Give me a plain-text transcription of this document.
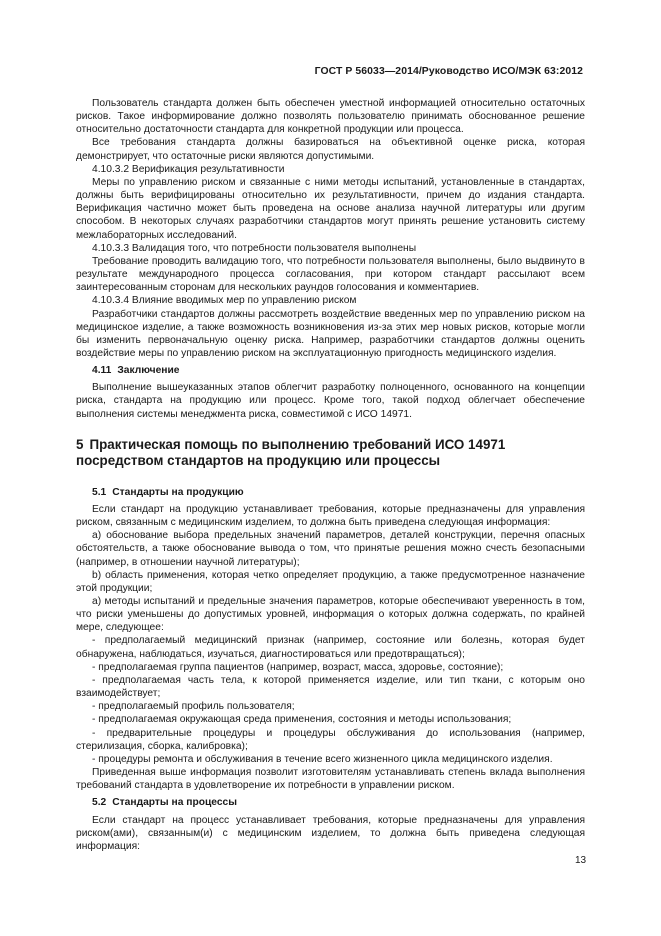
ГОСТ Р 56033—2014/Руководство ИСО/МЭК 63:2012

Пользователь стандарта должен быть обеспечен уместной информацией относительно остаточных рисков. Такое информирование должно позволять пользователю принимать обоснованное решение относительно достаточности стандарта для конкретной продукции или процесса.

Все требования стандарта должны базироваться на объективной оценке риска, которая демонстрирует, что остаточные риски являются допустимыми.

4.10.3.2 Верификация результативности

Меры по управлению риском и связанные с ними методы испытаний, установленные в стандартах, должны быть верифицированы относительно их результативности, причем до издания стандарта. Верификация частично может быть проведена на основе анализа научной литературы или другим способом. В некоторых случаях разработчики стандартов могут принять решение установить систему межлабораторных исследований.

4.10.3.3 Валидация того, что потребности пользователя выполнены

Требование проводить валидацию того, что потребности пользователя выполнены, было выдвинуто в результате международного процесса согласования, при котором стандарт рассылают всем заинтересованным сторонам для нескольких раундов голосования и комментариев.

4.10.3.4 Влияние вводимых мер по управлению риском

Разработчики стандартов должны рассмотреть воздействие введенных мер по управлению риском на медицинское изделие, а также возможность возникновения из-за этих мер новых рисков, которые могли бы изменить первоначальную оценку риска. Например, разработчики стандартов должны оценить воздействие меры по управлению риском на эксплуатационную пригодность медицинского изделия.

4.11 Заключение

Выполнение вышеуказанных этапов облегчит разработку полноценного, основанного на концепции риска, стандарта на продукцию или процесс. Кроме того, такой подход облегчает обеспечение выполнения системы менеджмента риска, совместимой с ИСО 14971.

5 Практическая помощь по выполнению требований ИСО 14971 посредством стандартов на продукцию или процессы
5.1 Стандарты на продукцию

Если стандарт на продукцию устанавливает требования, которые предназначены для управления риском, связанным с медицинским изделием, то должна быть приведена следующая информация:

а) обоснование выбора предельных значений параметров, деталей конструкции, перечня опасных обстоятельств, а также обоснование вывода о том, что принятые решения можно счесть безопасными (например, в отношении научной литературы);

b) область применения, которая четко определяет продукцию, а также предусмотренное назначение этой продукции;

а) методы испытаний и предельные значения параметров, которые обеспечивают уверенность в том, что риски уменьшены до допустимых уровней, информация о которых должна содержать, по крайней мере, следующее:

- предполагаемый медицинский признак (например, состояние или болезнь, которая будет обнаружена, наблюдаться, изучаться, диагностироваться или предотвращаться);

- предполагаемая группа пациентов (например, возраст, масса, здоровье, состояние);

- предполагаемая часть тела, к которой применяется изделие, или тип ткани, с которым оно взаимодействует;

- предполагаемый профиль пользователя;

- предполагаемая окружающая среда применения, состояния и методы использования;

- предварительные процедуры и процедуры обслуживания до использования (например, стерилизация, сборка, калибровка);

- процедуры ремонта и обслуживания в течение всего жизненного цикла медицинского изделия.

Приведенная выше информация позволит изготовителям устанавливать степень вклада выполнения требований стандарта в удовлетворение их потребности в управлении риском.

5.2 Стандарты на процессы

Если стандарт на процесс устанавливает требования, которые предназначены для управления риском(ами), связанным(и) с медицинским изделием, то должна быть приведена следующая информация:

13
